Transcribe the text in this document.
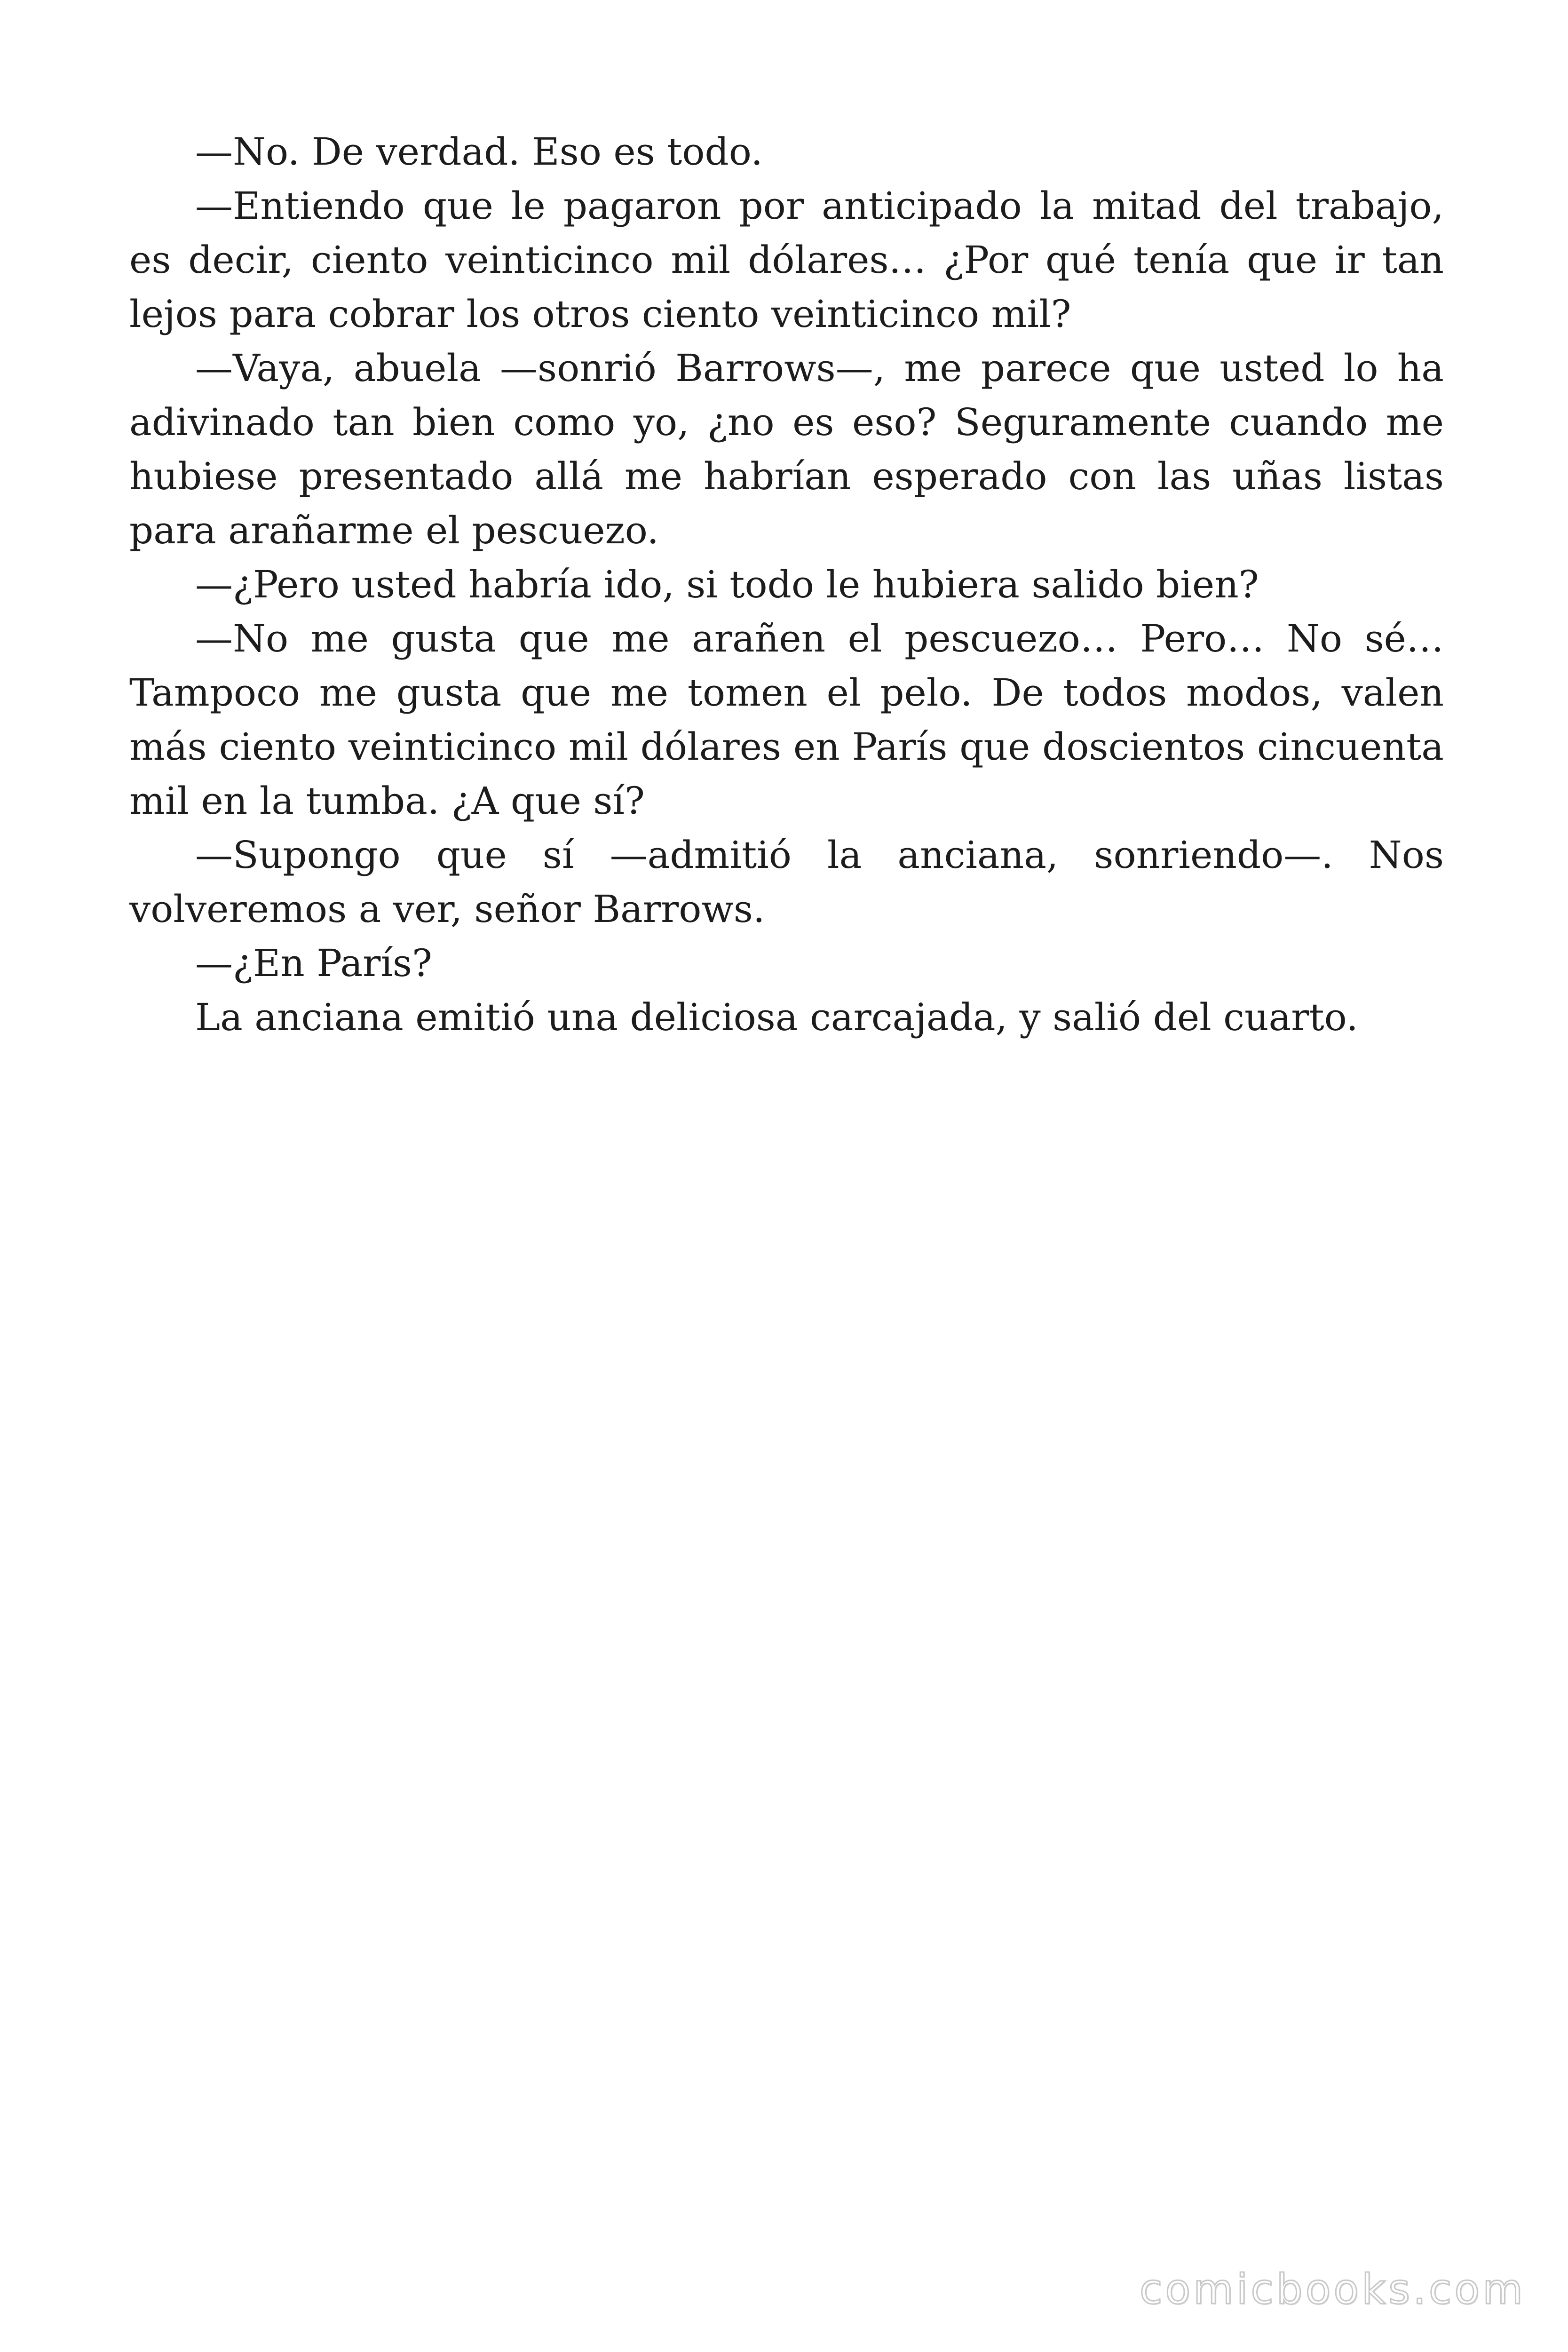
—No. De verdad. Eso es todo.

—Entiendo que le pagaron por anticipado la mitad del trabajo, es decir, ciento veinticinco mil dólares… ¿Por qué tenía que ir tan lejos para cobrar los otros ciento veinticinco mil?

—Vaya, abuela —sonrió Barrows—, me parece que usted lo ha adivinado tan bien como yo, ¿no es eso? Seguramente cuando me hubiese presentado allá me habrían esperado con las uñas listas para arañarme el pescuezo.

—¿Pero usted habría ido, si todo le hubiera salido bien?

—No me gusta que me arañen el pescuezo… Pero… No sé… Tampoco me gusta que me tomen el pelo. De todos modos, valen más ciento veinticinco mil dólares en París que doscientos cincuenta mil en la tumba. ¿A que sí?

—Supongo que sí —admitió la anciana, sonriendo—. Nos volveremos a ver, señor Barrows.

—¿En París?

La anciana emitió una deliciosa carcajada, y salió del cuarto.

comicbooks.com
